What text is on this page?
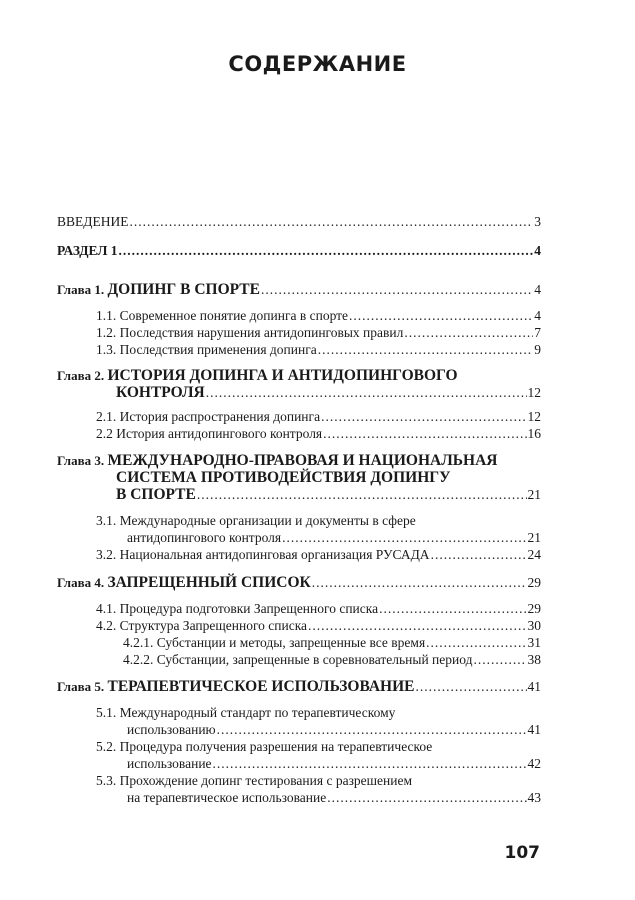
СОДЕРЖАНИЕ
ВВЕДЕНИЕ .....	3
РАЗДЕЛ 1 .....	4
Глава 1.
ДОПИНГ В СПОРТЕ .....	4
1.1. Современное понятие допинга в спорте .....	4
1.2. Последствия нарушения антидопинговых правил .....	7
1.3. Последствия применения допинга .....	9
Глава 2.
ИСТОРИЯ ДОПИНГА И АНТИДОПИНГОВОГО
КОНТРОЛЯ .....	12
2.1. История распространения допинга .....	12
2.2 История антидопингового контроля .....	16
Глава 3.
МЕЖДУНАРОДНО-ПРАВОВАЯ И НАЦИОНАЛЬНАЯ
СИСТЕМА ПРОТИВОДЕЙСТВИЯ ДОПИНГУ
В СПОРТЕ .....	21
3.1. Международные организации и документы в сфере
антидопингового контроля .....	21
3.2. Национальная антидопинговая организация РУСАДА .....	24
Глава 4.
ЗАПРЕЩЕННЫЙ СПИСОК .....	29
4.1. Процедура подготовки Запрещенного списка .....	29
4.2. Структура Запрещенного списка .....	30
4.2.1. Субстанции и методы, запрещенные все время .....	31
4.2.2. Субстанции, запрещенные в соревновательный период .....	38
Глава 5.
ТЕРАПЕВТИЧЕСКОЕ ИСПОЛЬЗОВАНИЕ .....	41
5.1. Международный стандарт по терапевтическому
использованию .....	41
5.2. Процедура получения разрешения на терапевтическое
использование .....	42
5.3. Прохождение допинг тестирования с разрешением
на терапевтическое использование .....	43
107
